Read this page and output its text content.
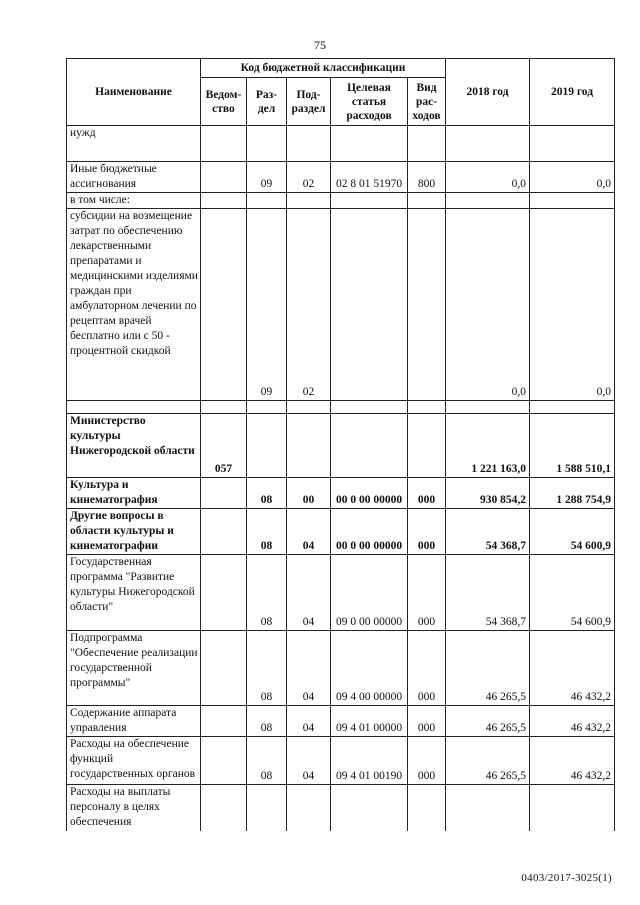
75
Наименование	Код бюджетной классификации					2018 год	2019 год
	Ведом-ство	Раз-дел	Под-раздел	Целевая статья расходов	Вид рас-ходов		
нужд							
Иные бюджетные ассигнования		09	02	02 8 01 51970	800	0,0	0,0
в том числе:							
субсидии на возмещение затрат по обеспечению лекарственными препаратами и медицинскими изделиями граждан при амбулаторном лечении по рецептам врачей бесплатно или с 50 - процентной скидкой		09	02			0,0	0,0

Министерство культуры Нижегородской области	057					1 221 163,0	1 588 510,1
Культура и кинематография		08	00	00 0 00 00000	000	930 854,2	1 288 754,9
Другие вопросы в области культуры и кинематографии		08	04	00 0 00 00000	000	54 368,7	54 600,9
Государственная программа "Развитие культуры Нижегородской области"		08	04	09 0 00 00000	000	54 368,7	54 600,9
Подпрограмма "Обеспечение реализации государственной программы"		08	04	09 4 00 00000	000	46 265,5	46 432,2
Содержание аппарата управления		08	04	09 4 01 00000	000	46 265,5	46 432,2
Расходы на обеспечение функций государственных органов		08	04	09 4 01 00190	000	46 265,5	46 432,2
Расходы на выплаты персоналу в целях обеспечения							
0403/2017-3025(1)
